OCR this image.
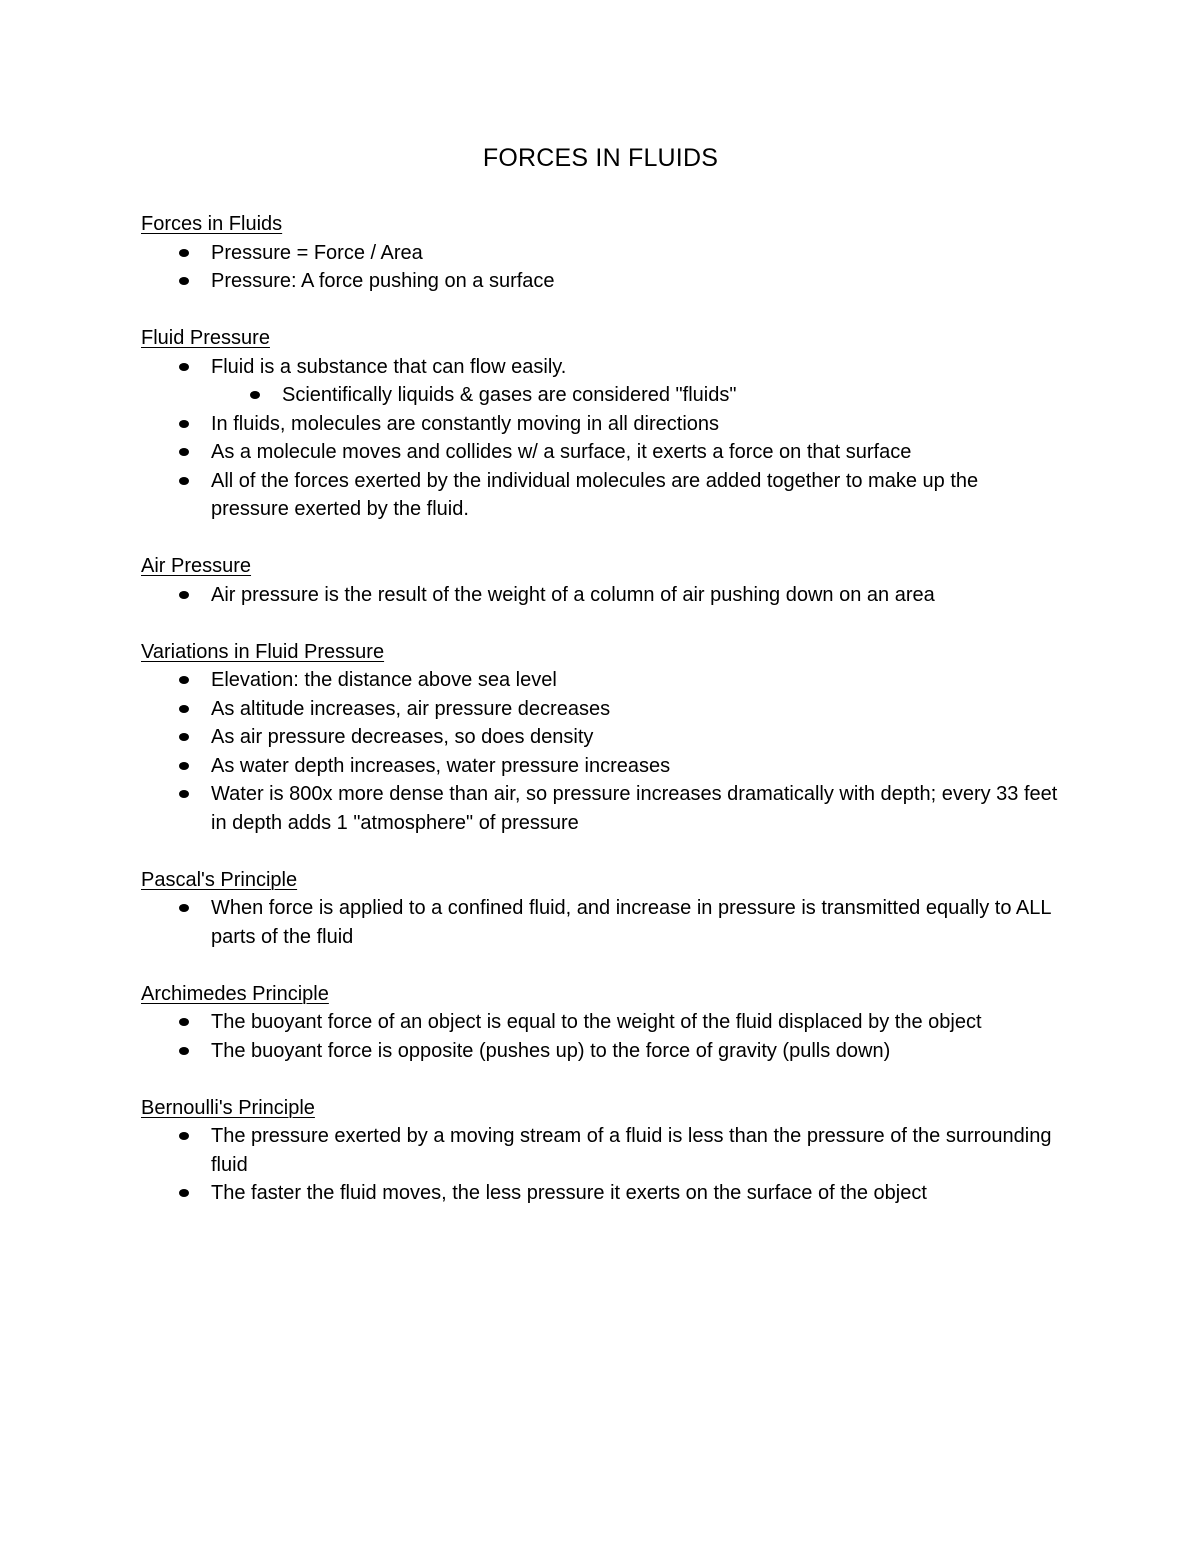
FORCES IN FLUIDS
Forces in Fluids
Pressure = Force / Area
Pressure: A force pushing on a surface
Fluid Pressure
Fluid is a substance that can flow easily.
Scientifically liquids & gases are considered "fluids"
In fluids, molecules are constantly moving in all directions
As a molecule moves and collides w/ a surface, it exerts a force on that surface
All of the forces exerted by the individual molecules are added together to make up the pressure exerted by the fluid.
Air Pressure
Air pressure is the result of the weight of a column of air pushing down on an area
Variations in Fluid Pressure
Elevation: the distance above sea level
As altitude increases, air pressure decreases
As air pressure decreases, so does density
As water depth increases, water pressure increases
Water is 800x more dense than air, so pressure increases dramatically with depth; every 33 feet in depth adds 1 "atmosphere" of pressure
Pascal's Principle
When force is applied to a confined fluid, and increase in pressure is transmitted equally to ALL parts of the fluid
Archimedes Principle
The buoyant force of an object is equal to the weight of the fluid displaced by the object
The buoyant force is opposite (pushes up) to the force of gravity (pulls down)
Bernoulli's Principle
The pressure exerted by a moving stream of a fluid is less than the pressure of the surrounding fluid
The faster the fluid moves, the less pressure it exerts on the surface of the object
